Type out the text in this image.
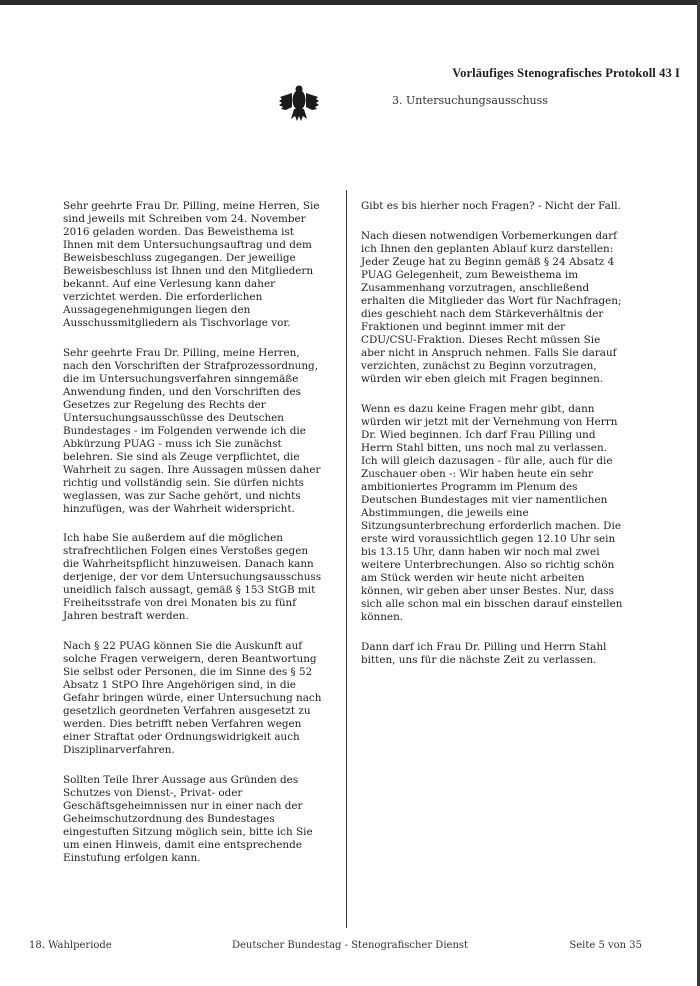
Vorläufiges Stenografisches Protokoll 43 I
3. Untersuchungsausschuss

Sehr geehrte Frau Dr. Pilling, meine Herren, Sie sind jeweils mit Schreiben vom 24. November 2016 geladen worden. Das Beweisthema ist Ihnen mit dem Untersuchungsauftrag und dem Beweisbeschluss zugegangen. Der jeweilige Beweisbeschluss ist Ihnen und den Mitgliedern bekannt. Auf eine Verlesung kann daher verzichtet werden. Die erforderlichen Aussagegenehmigungen liegen den Ausschussmitgliedern als Tischvorlage vor.

Sehr geehrte Frau Dr. Pilling, meine Herren, nach den Vorschriften der Strafprozessordnung, die im Untersuchungsverfahren sinngemäße Anwendung finden, und den Vorschriften des Gesetzes zur Regelung des Rechts der Untersuchungsausschüsse des Deutschen Bundestages - im Folgenden verwende ich die Abkürzung PUAG - muss ich Sie zunächst belehren. Sie sind als Zeuge verpflichtet, die Wahrheit zu sagen. Ihre Aussagen müssen daher richtig und vollständig sein. Sie dürfen nichts weglassen, was zur Sache gehört, und nichts hinzufügen, was der Wahrheit widerspricht.

Ich habe Sie außerdem auf die möglichen strafrechtlichen Folgen eines Verstoßes gegen die Wahrheitspflicht hinzuweisen. Danach kann derjenige, der vor dem Untersuchungsausschuss uneidlich falsch aussagt, gemäß § 153 StGB mit Freiheitsstrafe von drei Monaten bis zu fünf Jahren bestraft werden.

Nach § 22 PUAG können Sie die Auskunft auf solche Fragen verweigern, deren Beantwortung Sie selbst oder Personen, die im Sinne des § 52 Absatz 1 StPO Ihre Angehörigen sind, in die Gefahr bringen würde, einer Untersuchung nach gesetzlich geordneten Verfahren ausgesetzt zu werden. Dies betrifft neben Verfahren wegen einer Straftat oder Ordnungswidrigkeit auch Disziplinarverfahren.

Sollten Teile Ihrer Aussage aus Gründen des Schutzes von Dienst-, Privat- oder Geschäftsgeheimnissen nur in einer nach der Geheimschutzordnung des Bundestages eingestuften Sitzung möglich sein, bitte ich Sie um einen Hinweis, damit eine entsprechende Einstufung erfolgen kann.

Gibt es bis hierher noch Fragen? - Nicht der Fall.

Nach diesen notwendigen Vorbemerkungen darf ich Ihnen den geplanten Ablauf kurz darstellen: Jeder Zeuge hat zu Beginn gemäß § 24 Absatz 4 PUAG Gelegenheit, zum Beweisthema im Zusammenhang vorzutragen, anschließend erhalten die Mitglieder das Wort für Nachfragen; dies geschieht nach dem Stärkeverhältnis der Fraktionen und beginnt immer mit der CDU/CSU-Fraktion. Dieses Recht müssen Sie aber nicht in Anspruch nehmen. Falls Sie darauf verzichten, zunächst zu Beginn vorzutragen, würden wir eben gleich mit Fragen beginnen.

Wenn es dazu keine Fragen mehr gibt, dann würden wir jetzt mit der Vernehmung von Herrn Dr. Wied beginnen. Ich darf Frau Pilling und Herrn Stahl bitten, uns noch mal zu verlassen. Ich will gleich dazusagen - für alle, auch für die Zuschauer oben -: Wir haben heute ein sehr ambitioniertes Programm im Plenum des Deutschen Bundestages mit vier namentlichen Abstimmungen, die jeweils eine Sitzungsunterbrechung erforderlich machen. Die erste wird voraussichtlich gegen 12.10 Uhr sein bis 13.15 Uhr, dann haben wir noch mal zwei weitere Unterbrechungen. Also so richtig schön am Stück werden wir heute nicht arbeiten können, wir geben aber unser Bestes. Nur, dass sich alle schon mal ein bisschen darauf einstellen können.

Dann darf ich Frau Dr. Pilling und Herrn Stahl bitten, uns für die nächste Zeit zu verlassen.

18. Wahlperiode	Deutscher Bundestag - Stenografischer Dienst	Seite 5 von 35
